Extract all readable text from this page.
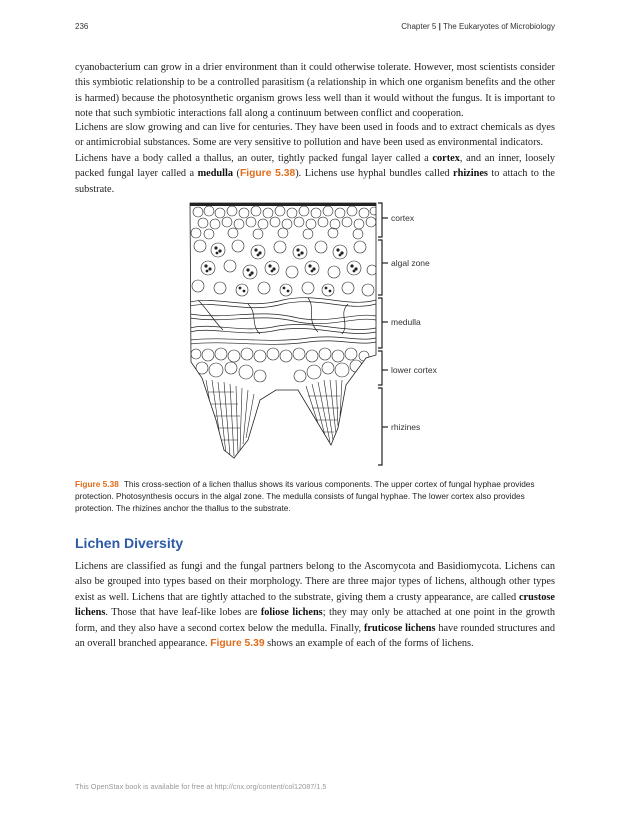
236	Chapter 5 | The Eukaryotes of Microbiology

cyanobacterium can grow in a drier environment than it could otherwise tolerate. However, most scientists consider this symbiotic relationship to be a controlled parasitism (a relationship in which one organism benefits and the other is harmed) because the photosynthetic organism grows less well than it would without the fungus. It is important to note that such symbiotic interactions fall along a continuum between conflict and cooperation.

Lichens are slow growing and can live for centuries. They have been used in foods and to extract chemicals as dyes or antimicrobial substances. Some are very sensitive to pollution and have been used as environmental indicators.

Lichens have a body called a thallus, an outer, tightly packed fungal layer called a cortex, and an inner, loosely packed fungal layer called a medulla (Figure 5.38). Lichens use hyphal bundles called rhizines to attach to the substrate.

cortex
algal zone
medulla
lower cortex
rhizines

Figure 5.38 This cross-section of a lichen thallus shows its various components. The upper cortex of fungal hyphae provides protection. Photosynthesis occurs in the algal zone. The medulla consists of fungal hyphae. The lower cortex also provides protection. The rhizines anchor the thallus to the substrate.

Lichen Diversity

Lichens are classified as fungi and the fungal partners belong to the Ascomycota and Basidiomycota. Lichens can also be grouped into types based on their morphology. There are three major types of lichens, although other types exist as well. Lichens that are tightly attached to the substrate, giving them a crusty appearance, are called crustose lichens. Those that have leaf-like lobes are foliose lichens; they may only be attached at one point in the growth form, and they also have a second cortex below the medulla. Finally, fruticose lichens have rounded structures and an overall branched appearance. Figure 5.39 shows an example of each of the forms of lichens.

This OpenStax book is available for free at http://cnx.org/content/col12087/1.5
